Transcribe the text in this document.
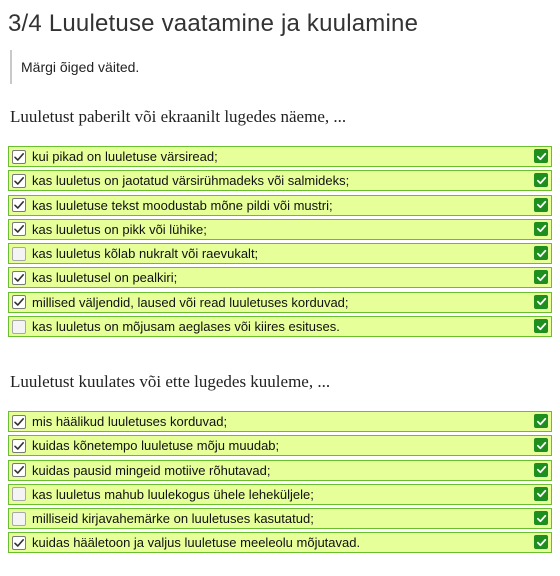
3/4 Luuletuse vaatamine ja kuulamine
Märgi õiged väited.
Luuletust paberilt või ekraanilt lugedes näeme, ...
kui pikad on luuletuse värsiread;
kas luuletus on jaotatud värsirühmadeks või salmideks;
kas luuletuse tekst moodustab mõne pildi või mustri;
kas luuletus on pikk või lühike;
kas luuletus kõlab nukralt või raevukalt;
kas luuletusel on pealkiri;
millised väljendid, laused või read luuletuses korduvad;
kas luuletus on mõjusam aeglases või kiires esituses.
Luuletust kuulates või ette lugedes kuuleme, ...
mis häälikud luuletuses korduvad;
kuidas kõnetempo luuletuse mõju muudab;
kuidas pausid mingeid motiive rõhutavad;
kas luuletus mahub luulekogus ühele leheküljele;
milliseid kirjavahemärke on luuletuses kasutatud;
kuidas hääletoon ja valjus luuletuse meeleolu mõjutavad.
